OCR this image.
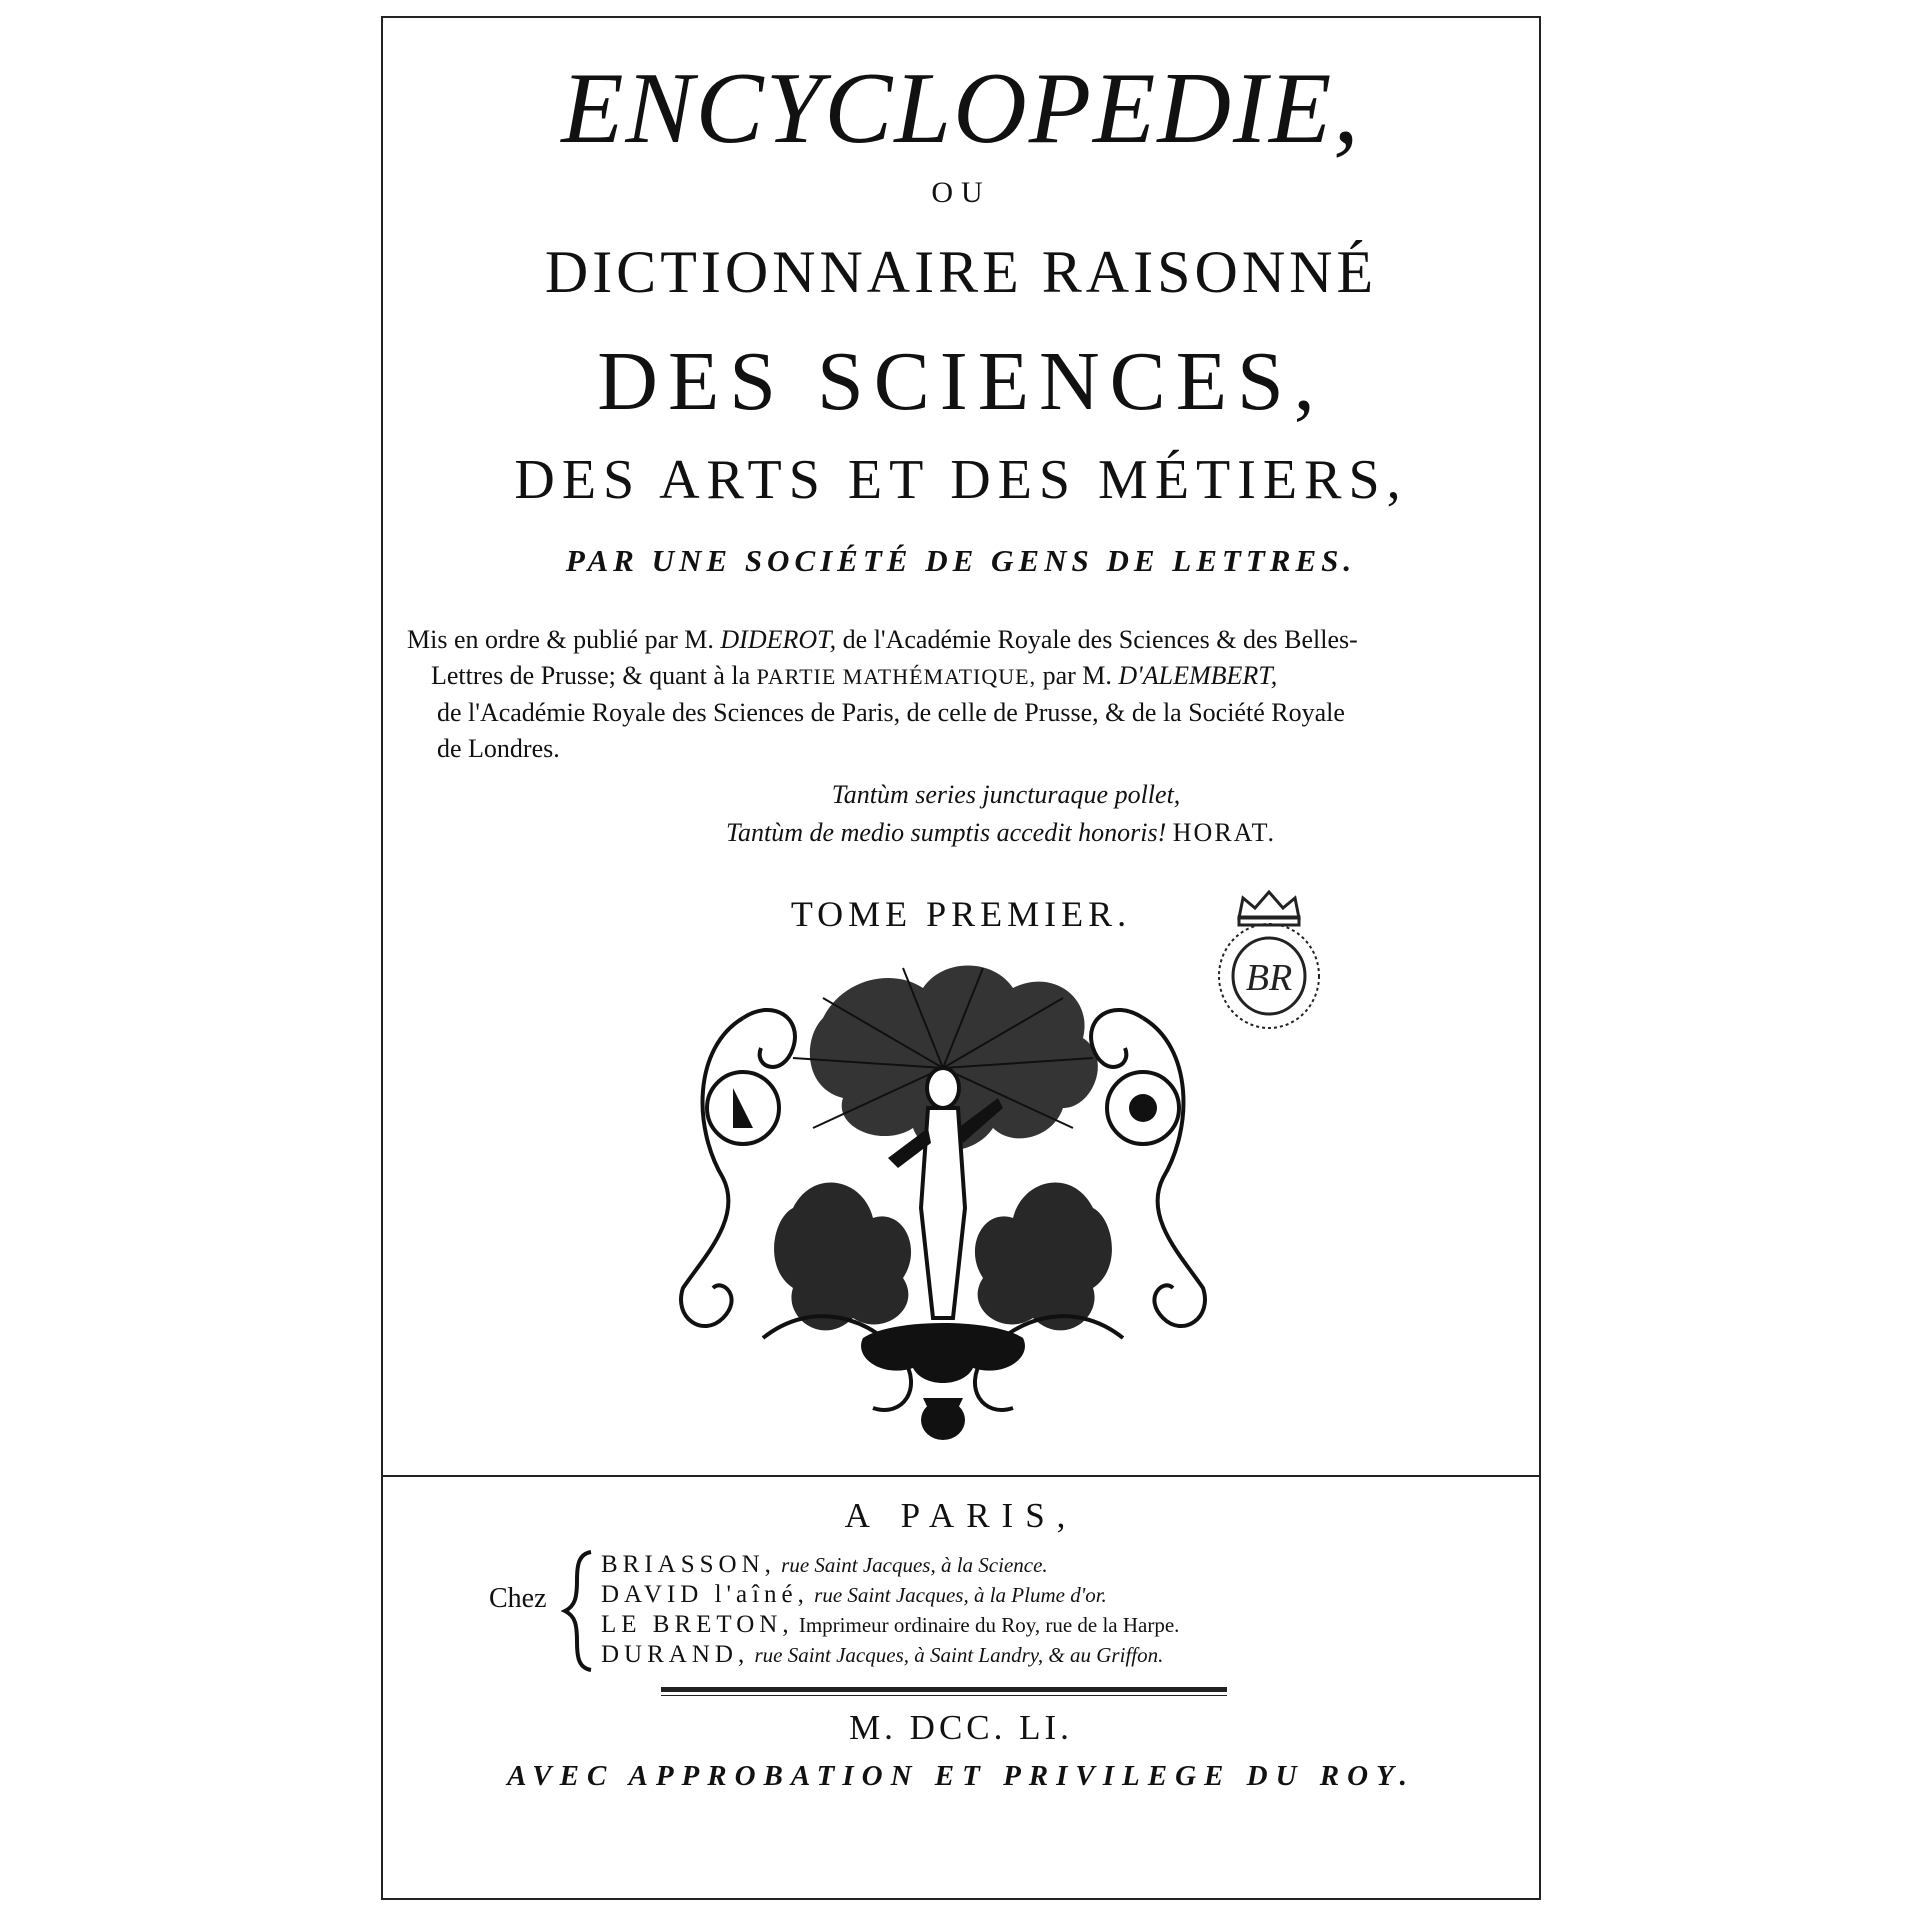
ENCYCLOPEDIE,
OU
DICTIONNAIRE RAISONNÉ
DES SCIENCES,
DES ARTS ET DES MÉTIERS,
PAR UNE SOCIÉTÉ DE GENS DE LETTRES.
Mis en ordre & publié par M. DIDEROT, de l'Académie Royale des Sciences & des Belles-
Lettres de Prusse; & quant à la PARTIE MATHÉMATIQUE, par M. D'ALEMBERT,
de l'Académie Royale des Sciences de Paris, de celle de Prusse, & de la Société Royale
de Londres.
Tantùm series juncturaque pollet,
Tantùm de medio sumptis accedit honoris! HORAT.
TOME PREMIER.
BR
A PARIS,
Chez
BRIASSON, rue Saint Jacques, à la Science.
DAVID l'aîné, rue Saint Jacques, à la Plume d'or.
LE BRETON, Imprimeur ordinaire du Roy, rue de la Harpe.
DURAND, rue Saint Jacques, à Saint Landry, & au Griffon.
M. DCC. LI.
AVEC APPROBATION ET PRIVILEGE DU ROY.
